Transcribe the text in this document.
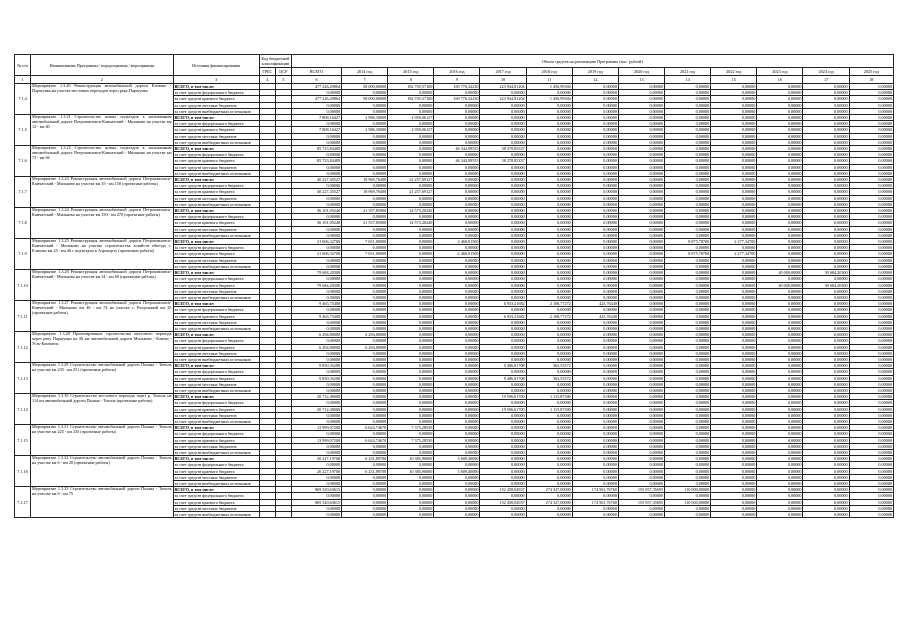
№ п/п	Наименование Программы / подпрограммы / мероприятия	Источник финансирования	Код бюджетной классификации		Объем средств на реализацию Программы (тыс. рублей)												
			ГРБС	ЦСР	ВСЕГО	2014 год	2015 год	2016 год	2017 год	2018 год	2019 год	2020 год	2021 год	2022 год	2023 год	2024 год	2025 год

1	2	3	4	5	6	7	8	9	10	11	12	13	14	15	16	17	18
7.1.4	Мероприятие 1.3.20 Реконструкция автомобильной дороги Елизово - Паратунка на участке мостовых переходов через реку Паратунка	ВСЕГО, в том числе:			477 226,29864	58 000,00000	182 705,57100	169 776,32230	223 944,81204	1 456,99304	0,00000	0,00000	0,00000	0,00000	0,00000	0,00000	0,00000
		за счет средств федерального бюджета			0,00000	0,00000	0,00000	0,00000	0,00000	0,00000	0,00000	0,00000	0,00000	0,00000	0,00000	0,00000	0,00000
		за счет средств краевого бюджета			477 226,29864	58 000,00000	182 705,57100	169 776,32230	223 944,81204	1 456,99304	0,00000	0,00000	0,00000	0,00000	0,00000	0,00000	0,00000
		за счет средств местных бюджетов			0,00000	0,00000	0,00000	0,00000	0,00000	0,00000	0,00000	0,00000	0,00000	0,00000	0,00000	0,00000	0,00000
		за счет средств внебюджетных источников			0,00000	0,00000	0,00000	0,00000	0,00000	0,00000	0,00000	0,00000	0,00000	0,00000	0,00000	0,00000	0,00000
7.1.5	Мероприятие 1.3.21 Строительство новых подъездов к наложенным автомобильной дороге Петропавловск-Камчатский - Мильково на участке км 12 - км 40	ВСЕГО, в том числе:			7 808,16427	2 986,30000	2 950,06127	0,00000	0,00000	0,00000	0,00000	0,00000	0,00000	0,00000	0,00000	0,00000	0,00000
		за счет средств федерального бюджета			0,00000	0,00000	0,00000	0,00000	0,00000	0,00000	0,00000	0,00000	0,00000	0,00000	0,00000	0,00000	0,00000
		за счет средств краевого бюджета			7 808,16427	2 986,30000	2 950,06127	0,00000	0,00000	0,00000	0,00000	0,00000	0,00000	0,00000	0,00000	0,00000	0,00000
		за счет средств местных бюджетов			0,00000	0,00000	0,00000	0,00000	0,00000	0,00000	0,00000	0,00000	0,00000	0,00000	0,00000	0,00000	0,00000
		за счет средств внебюджетных источников			0,00000	0,00000	0,00000	0,00000	0,00000	0,00000	0,00000	0,00000	0,00000	0,00000	0,00000	0,00000	0,00000
7.1.6	Мероприятие 1.3.22 Строительство новых подъездов к наложенным автомобильной дороге Петропавловск-Камчатский - Мильково на участке км 73 - км 94	ВСЕГО, в том числе:			85 723,84489	0,00000	0,00000	46 344,99555	38 378,85337	0,00000	0,00000	0,00000	0,00000	0,00000	0,00000	0,00000	0,00000
		за счет средств федерального бюджета			0,00000	0,00000	0,00000	0,00000	0,00000	0,00000	0,00000	0,00000	0,00000	0,00000	0,00000	0,00000	0,00000
		за счет средств краевого бюджета			85 723,84489	0,00000	0,00000	46 344,99555	38 378,85337	0,00000	0,00000	0,00000	0,00000	0,00000	0,00000	0,00000	0,00000
		за счет средств местных бюджетов			0,00000	0,00000	0,00000	0,00000	0,00000	0,00000	0,00000	0,00000	0,00000	0,00000	0,00000	0,00000	0,00000
		за счет средств внебюджетных источников			0,00000	0,00000	0,00000	0,00000	0,00000	0,00000	0,00000	0,00000	0,00000	0,00000	0,00000	0,00000	0,00000
7.1.7	Мероприятие 1.3.23 Реконструкция автомобильной дороги Петропавловск-Камчатский - Мильково на участке км 35 - км 150 (проектные работы)	ВСЕГО, в том числе:			40 227,45527	18 969,76400	21 257,69127	0,00000	0,00000	0,00000	0,00000	0,00000	0,00000	0,00000	0,00000	0,00000	0,00000
		за счет средств федерального бюджета			0,00000	0,00000	0,00000	0,00000	0,00000	0,00000	0,00000	0,00000	0,00000	0,00000	0,00000	0,00000	0,00000
		за счет средств краевого бюджета			40 227,45527	18 969,76400	21 257,69127	0,00000	0,00000	0,00000	0,00000	0,00000	0,00000	0,00000	0,00000	0,00000	0,00000
		за счет средств местных бюджетов			0,00000	0,00000	0,00000	0,00000	0,00000	0,00000	0,00000	0,00000	0,00000	0,00000	0,00000	0,00000	0,00000
		за счет средств внебюджетных источников			0,00000	0,00000	0,00000	0,00000	0,00000	0,00000	0,00000	0,00000	0,00000	0,00000	0,00000	0,00000	0,00000
7.1.8	Мероприятие 1.3.24 Реконструкция автомобильной дороги Петропавловск-Камчатский - Мильково на участке км 150 - км 270 (проектные работы)	ВСЕГО, в том числе:			36 101,05240	21 557,85000	14 573,20240	0,00000	0,00000	0,00000	0,00000	0,00000	0,00000	0,00000	0,00000	0,00000	0,00000
		за счет средств федерального бюджета			0,00000	0,00000	0,00000	0,00000	0,00000	0,00000	0,00000	0,00000	0,00000	0,00000	0,00000	0,00000	0,00000
		за счет средств краевого бюджета			36 101,05240	21 557,85000	14 573,20240	0,00000	0,00000	0,00000	0,00000	0,00000	0,00000	0,00000	0,00000	0,00000	0,00000
		за счет средств местных бюджетов			0,00000	0,00000	0,00000	0,00000	0,00000	0,00000	0,00000	0,00000	0,00000	0,00000	0,00000	0,00000	0,00000
		за счет средств внебюджетных источников			0,00000	0,00000	0,00000	0,00000	0,00000	0,00000	0,00000	0,00000	0,00000	0,00000	0,00000	0,00000	0,00000
7.1.9	Мероприятие 1.3.25 Реконструкция автомобильной дороги Петропавловск-Камчатский - Мильково на участке строительства хозяйств объезда с. Елизово км 25 - км 46 с подъездом к Аэропорту (проектные работы)	ВСЕГО, в том числе:			21 606,32700	7 651,80000	0,00000	2 460,01500	0,00000	0,00000	0,00000	0,00000	8 875,78700	2 277,34700	0,00000	0,00000	0,00000
		за счет средств федерального бюджета			0,00000	0,00000	0,00000	0,00000	0,00000	0,00000	0,00000	0,00000	0,00000	0,00000	0,00000	0,00000	0,00000
		за счет средств краевого бюджета			21 606,32700	7 651,80000	0,00000	2 460,01500	0,00000	0,00000	0,00000	0,00000	8 875,78700	2 277,34700	0,00000	0,00000	0,00000
		за счет средств местных бюджетов			0,00000	0,00000	0,00000	0,00000	0,00000	0,00000	0,00000	0,00000	0,00000	0,00000	0,00000	0,00000	0,00000
		за счет средств внебюджетных источников			0,00000	0,00000	0,00000	0,00000	0,00000	0,00000	0,00000	0,00000	0,00000	0,00000	0,00000	0,00000	0,00000
7.1.10	Мероприятие 1.3.26 Реконструкция автомобильной дороги Петропавловск-Камчатский - Мильково на участке км 54 - км 60 (проектные работы)	ВСЕГО, в том числе:			79 684,20300	0,00000	0,00000	0,00000	0,00000	0,00000	0,00000	0,00000	0,00000	0,00000	40 000,00000	39 684,20300	0,00000
		за счет средств федерального бюджета			0,00000	0,00000	0,00000	0,00000	0,00000	0,00000	0,00000	0,00000	0,00000	0,00000	0,00000	0,00000	0,00000
		за счет средств краевого бюджета			79 684,20300	0,00000	0,00000	0,00000	0,00000	0,00000	0,00000	0,00000	0,00000	0,00000	40 000,00000	39 684,20300	0,00000
		за счет средств местных бюджетов			0,00000	0,00000	0,00000	0,00000	0,00000	0,00000	0,00000	0,00000	0,00000	0,00000	0,00000	0,00000	0,00000
		за счет средств внебюджетных источников			0,00000	0,00000	0,00000	0,00000	0,00000	0,00000	0,00000	0,00000	0,00000	0,00000	0,00000	0,00000	0,00000
7.1.11	Мероприятие 1.3.27 Реконструкция автомобильной дороги Петропавловск-Камчатский - Мильково км 46 - км 74 на участке с. Раздольный км 35 (проектные работы)	ВСЕГО, в том числе:			9 465,75400	0,00000	0,00000	0,00000	6 933,21682	2 108,77272	423,76440	0,00000	0,00000	0,00000	0,00000	0,00000	0,00000
		за счет средств федерального бюджета			0,00000	0,00000	0,00000	0,00000	0,00000	0,00000	0,00000	0,00000	0,00000	0,00000	0,00000	0,00000	0,00000
		за счет средств краевого бюджета			9 465,75400	0,00000	0,00000	0,00000	6 933,21682	2 108,77272	423,76440	0,00000	0,00000	0,00000	0,00000	0,00000	0,00000
		за счет средств местных бюджетов			0,00000	0,00000	0,00000	0,00000	0,00000	0,00000	0,00000	0,00000	0,00000	0,00000	0,00000	0,00000	0,00000
		за счет средств внебюджетных источников			0,00000	0,00000	0,00000	0,00000	0,00000	0,00000	0,00000	0,00000	0,00000	0,00000	0,00000	0,00000	0,00000
7.1.12	Мероприятие 1.3.28 Проектирование строительства мостового перехода через реку Паратунка на 36 км автомобильной дороги Мильково - Ключи - Усть-Камчатск	ВСЕГО, в том числе:			6 294,80000	6 294,80000	0,00000	0,00000	0,00000	0,00000	0,00000	0,00000	0,00000	0,00000	0,00000	0,00000	0,00000
		за счет средств федерального бюджета			0,00000	0,00000	0,00000	0,00000	0,00000	0,00000	0,00000	0,00000	0,00000	0,00000	0,00000	0,00000	0,00000
		за счет средств краевого бюджета			6 294,80000	6 294,80000	0,00000	0,00000	0,00000	0,00000	0,00000	0,00000	0,00000	0,00000	0,00000	0,00000	0,00000
		за счет средств местных бюджетов			0,00000	0,00000	0,00000	0,00000	0,00000	0,00000	0,00000	0,00000	0,00000	0,00000	0,00000	0,00000	0,00000
		за счет средств внебюджетных источников			0,00000	0,00000	0,00000	0,00000	0,00000	0,00000	0,00000	0,00000	0,00000	0,00000	0,00000	0,00000	0,00000
7.1.13	Мероприятие 1.3.29 Строительство автомобильной дороги Палана - Тигиль на участке км 235 - км 251 (проектные работы)	ВСЕГО, в том числе:			9 850,35280	0,00000	0,00000	0,00000	9 486,81708	363,53572	0,00000	0,00000	0,00000	0,00000	0,00000	0,00000	0,00000
		за счет средств федерального бюджета			0,00000	0,00000	0,00000	0,00000	0,00000	0,00000	0,00000	0,00000	0,00000	0,00000	0,00000	0,00000	0,00000
		за счет средств краевого бюджета			9 850,35280	0,00000	0,00000	0,00000	9 486,81708	363,53572	0,00000	0,00000	0,00000	0,00000	0,00000	0,00000	0,00000
		за счет средств местных бюджетов			0,00000	0,00000	0,00000	0,00000	0,00000	0,00000	0,00000	0,00000	0,00000	0,00000	0,00000	0,00000	0,00000
		за счет средств внебюджетных источников			0,00000	0,00000	0,00000	0,00000	0,00000	0,00000	0,00000	0,00000	0,00000	0,00000	0,00000	0,00000	0,00000
7.1.14	Мероприятие 1.3.30 Строительство мостового перехода через р. Тигиль на 114 км автомобильной дороги Палана - Тигиль (проектные работы)	ВСЕГО, в том числе:			20 712,49000	0,00000	0,00000	0,00000	19 596,61700	1 115,87300	0,00000	0,00000	0,00000	0,00000	0,00000	0,00000	0,00000
		за счет средств федерального бюджета			0,00000	0,00000	0,00000	0,00000	0,00000	0,00000	0,00000	0,00000	0,00000	0,00000	0,00000	0,00000	0,00000
		за счет средств краевого бюджета			20 712,49000	0,00000	0,00000	0,00000	19 596,61700	1 115,87300	0,00000	0,00000	0,00000	0,00000	0,00000	0,00000	0,00000
		за счет средств местных бюджетов			0,00000	0,00000	0,00000	0,00000	0,00000	0,00000	0,00000	0,00000	0,00000	0,00000	0,00000	0,00000	0,00000
		за счет средств внебюджетных источников			0,00000	0,00000	0,00000	0,00000	0,00000	0,00000	0,00000	0,00000	0,00000	0,00000	0,00000	0,00000	0,00000
7.1.15	Мероприятие 1.3.31 Строительство автомобильной дороги Палана - Тигиль на участке км 225 - км 235 (проектные работы)	ВСЕГО, в том числе:			13 999,07200	6 624,74670	7 375,28530	0,00000	0,00000	0,00000	0,00000	0,00000	0,00000	0,00000	0,00000	0,00000	0,00000
		за счет средств федерального бюджета			0,00000	0,00000	0,00000	0,00000	0,00000	0,00000	0,00000	0,00000	0,00000	0,00000	0,00000	0,00000	0,00000
		за счет средств краевого бюджета			13 999,07200	6 624,74670	7 375,28530	0,00000	0,00000	0,00000	0,00000	0,00000	0,00000	0,00000	0,00000	0,00000	0,00000
		за счет средств местных бюджетов			0,00000	0,00000	0,00000	0,00000	0,00000	0,00000	0,00000	0,00000	0,00000	0,00000	0,00000	0,00000	0,00000
		за счет средств внебюджетных источников			0,00000	0,00000	0,00000	0,00000	0,00000	0,00000	0,00000	0,00000	0,00000	0,00000	0,00000	0,00000	0,00000
7.1.16	Мероприятие 1.3.32 Строительство автомобильной дороги Палана - Тигиль на участке км 6 - км 20 (проектные работы)	ВСЕГО, в том числе:			20 227,19700	6 231,89700	10 385,90000	3 609,40000	0,00000	0,00000	0,00000	0,00000	0,00000	0,00000	0,00000	0,00000	0,00000
		за счет средств федерального бюджета			0,00000	0,00000	0,00000	0,00000	0,00000	0,00000	0,00000	0,00000	0,00000	0,00000	0,00000	0,00000	0,00000
		за счет средств краевого бюджета			20 227,19700	6 231,89700	10 385,90000	3 609,40000	0,00000	0,00000	0,00000	0,00000	0,00000	0,00000	0,00000	0,00000	0,00000
		за счет средств местных бюджетов			0,00000	0,00000	0,00000	0,00000	0,00000	0,00000	0,00000	0,00000	0,00000	0,00000	0,00000	0,00000	0,00000
		за счет средств внебюджетных источников			0,00000	0,00000	0,00000	0,00000	0,00000	0,00000	0,00000	0,00000	0,00000	0,00000	0,00000	0,00000	0,00000
7.1.17	Мероприятие 1.3.33 Строительство автомобильной дороги Палана - Тигиль на участке км 6 - км 75	ВСЕГО, в том числе:			869 320,63615	0,00000	0,00000	0,00000	152 458,04937	274 327,00000	174 561,76760	155 957,35695	110 000,00000	0,00000	0,00000	0,00000	0,00000
		за счет средств федерального бюджета			0,00000	0,00000	0,00000	0,00000	0,00000	0,00000	0,00000	0,00000	0,00000	0,00000	0,00000	0,00000	0,00000
		за счет средств краевого бюджета			869 320,63615	0,00000	0,00000	0,00000	152 458,04937	274 327,00000	174 561,76760	155 957,35695	110 000,00000	0,00000	0,00000	0,00000	0,00000
		за счет средств местных бюджетов			0,00000	0,00000	0,00000	0,00000	0,00000	0,00000	0,00000	0,00000	0,00000	0,00000	0,00000	0,00000	0,00000
		за счет средств внебюджетных источников			0,00000	0,00000	0,00000	0,00000	0,00000	0,00000	0,00000	0,00000	0,00000	0,00000	0,00000	0,00000	0,00000
